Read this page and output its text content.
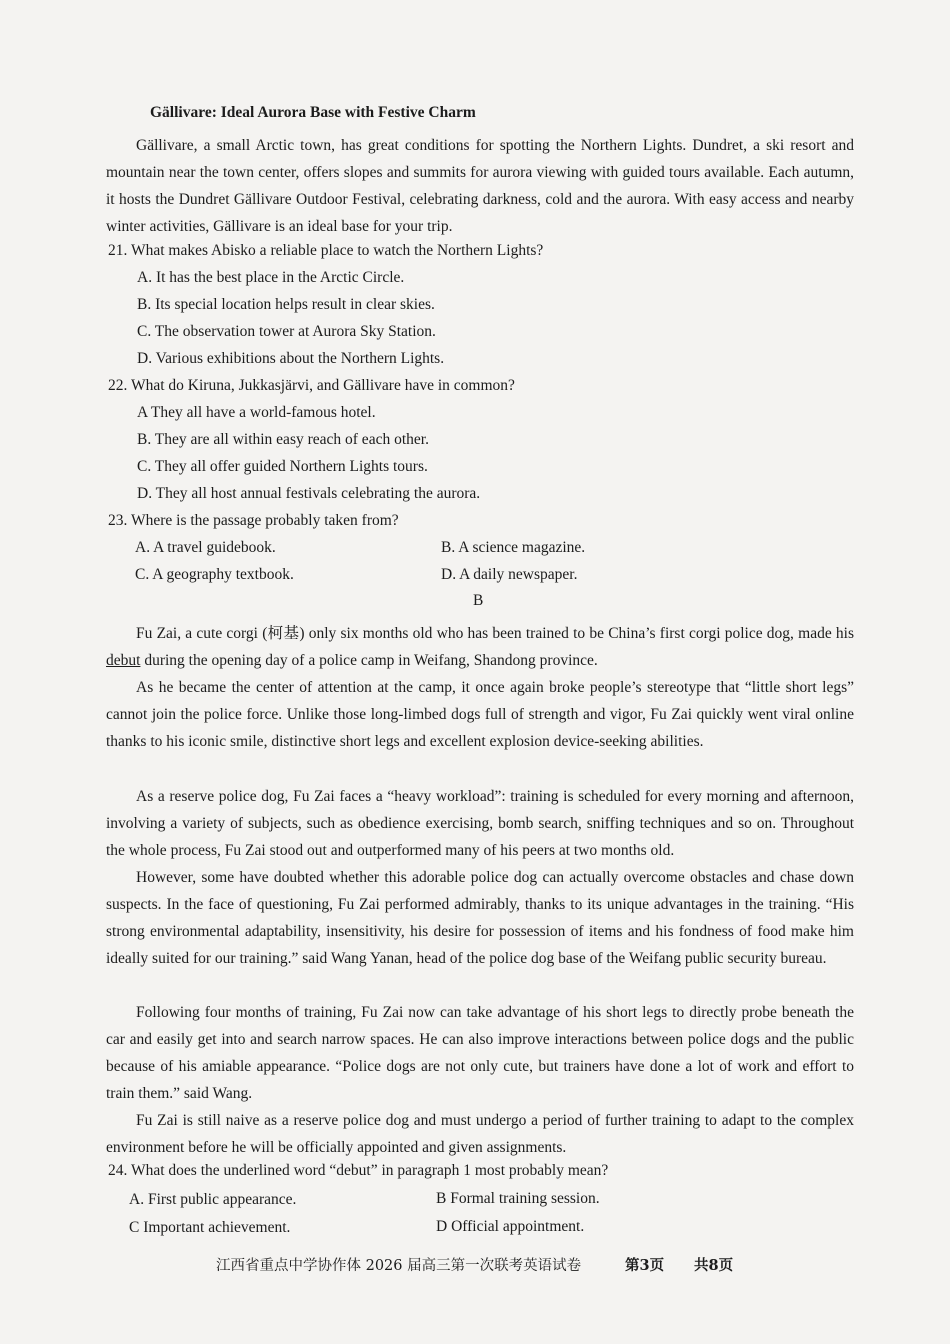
Gällivare: Ideal Aurora Base with Festive Charm

Gällivare, a small Arctic town, has great conditions for spotting the Northern Lights. Dundret, a ski resort and mountain near the town center, offers slopes and summits for aurora viewing with guided tours available. Each autumn, it hosts the Dundret Gällivare Outdoor Festival, celebrating darkness, cold and the aurora. With easy access and nearby winter activities, Gällivare is an ideal base for your trip.

21. What makes Abisko a reliable place to watch the Northern Lights?

A. It has the best place in the Arctic Circle.

B. Its special location helps result in clear skies.

C. The observation tower at Aurora Sky Station.

D. Various exhibitions about the Northern Lights.

22. What do Kiruna, Jukkasjärvi, and Gällivare have in common?

A They all have a world-famous hotel.

B. They are all within easy reach of each other.

C. They all offer guided Northern Lights tours.

D. They all host annual festivals celebrating the aurora.

23. Where is the passage probably taken from?

A. A travel guidebook.	B. A science magazine.

C. A geography textbook.	D. A daily newspaper.

B

Fu Zai, a cute corgi (柯基) only six months old who has been trained to be China’s first corgi police dog, made his debut during the opening day of a police camp in Weifang, Shandong province.

As he became the center of attention at the camp, it once again broke people’s stereotype that “little short legs” cannot join the police force. Unlike those long-limbed dogs full of strength and vigor, Fu Zai quickly went viral online thanks to his iconic smile, distinctive short legs and excellent explosion device-seeking abilities.

As a reserve police dog, Fu Zai faces a “heavy workload”: training is scheduled for every morning and afternoon, involving a variety of subjects, such as obedience exercising, bomb search, sniffing techniques and so on. Throughout the whole process, Fu Zai stood out and outperformed many of his peers at two months old.

However, some have doubted whether this adorable police dog can actually overcome obstacles and chase down suspects. In the face of questioning, Fu Zai performed admirably, thanks to its unique advantages in the training. “His strong environmental adaptability, insensitivity, his desire for possession of items and his fondness of food make him ideally suited for our training.” said Wang Yanan, head of the police dog base of the Weifang public security bureau.

Following four months of training, Fu Zai now can take advantage of his short legs to directly probe beneath the car and easily get into and search narrow spaces. He can also improve interactions between police dogs and the public because of his amiable appearance. “Police dogs are not only cute, but trainers have done a lot of work and effort to train them.” said Wang.

Fu Zai is still naive as a reserve police dog and must undergo a period of further training to adapt to the complex environment before he will be officially appointed and given assignments.

24. What does the underlined word “debut” in paragraph 1 most probably mean?

A. First public appearance.	B Formal training session.

C Important achievement.	D Official appointment.

江西省重点中学协作体 2026 届高三第一次联考英语试卷	第3页 共8页
